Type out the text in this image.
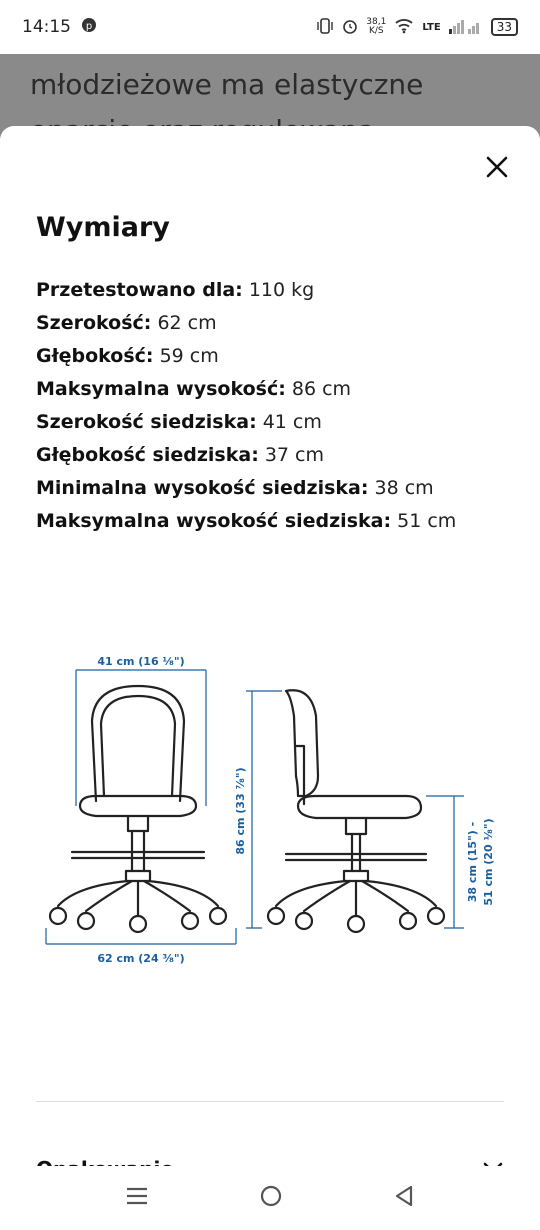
14:15 p	38,1
K/S	LTE	33
młodzieżowe ma elastyczne
Wymiary
Przetestowano dla: 110 kg
Szerokość: 62 cm
Głębokość: 59 cm
Maksymalna wysokość: 86 cm
Szerokość siedziska: 41 cm
Głębokość siedziska: 37 cm
Minimalna wysokość siedziska: 38 cm
Maksymalna wysokość siedziska: 51 cm
41 cm (16 ¹⁄₈")
62 cm (24 ³⁄₈")
86 cm (33 ⁷⁄₈")
38 cm (15") - 51 cm (20 ¹⁄₈")
